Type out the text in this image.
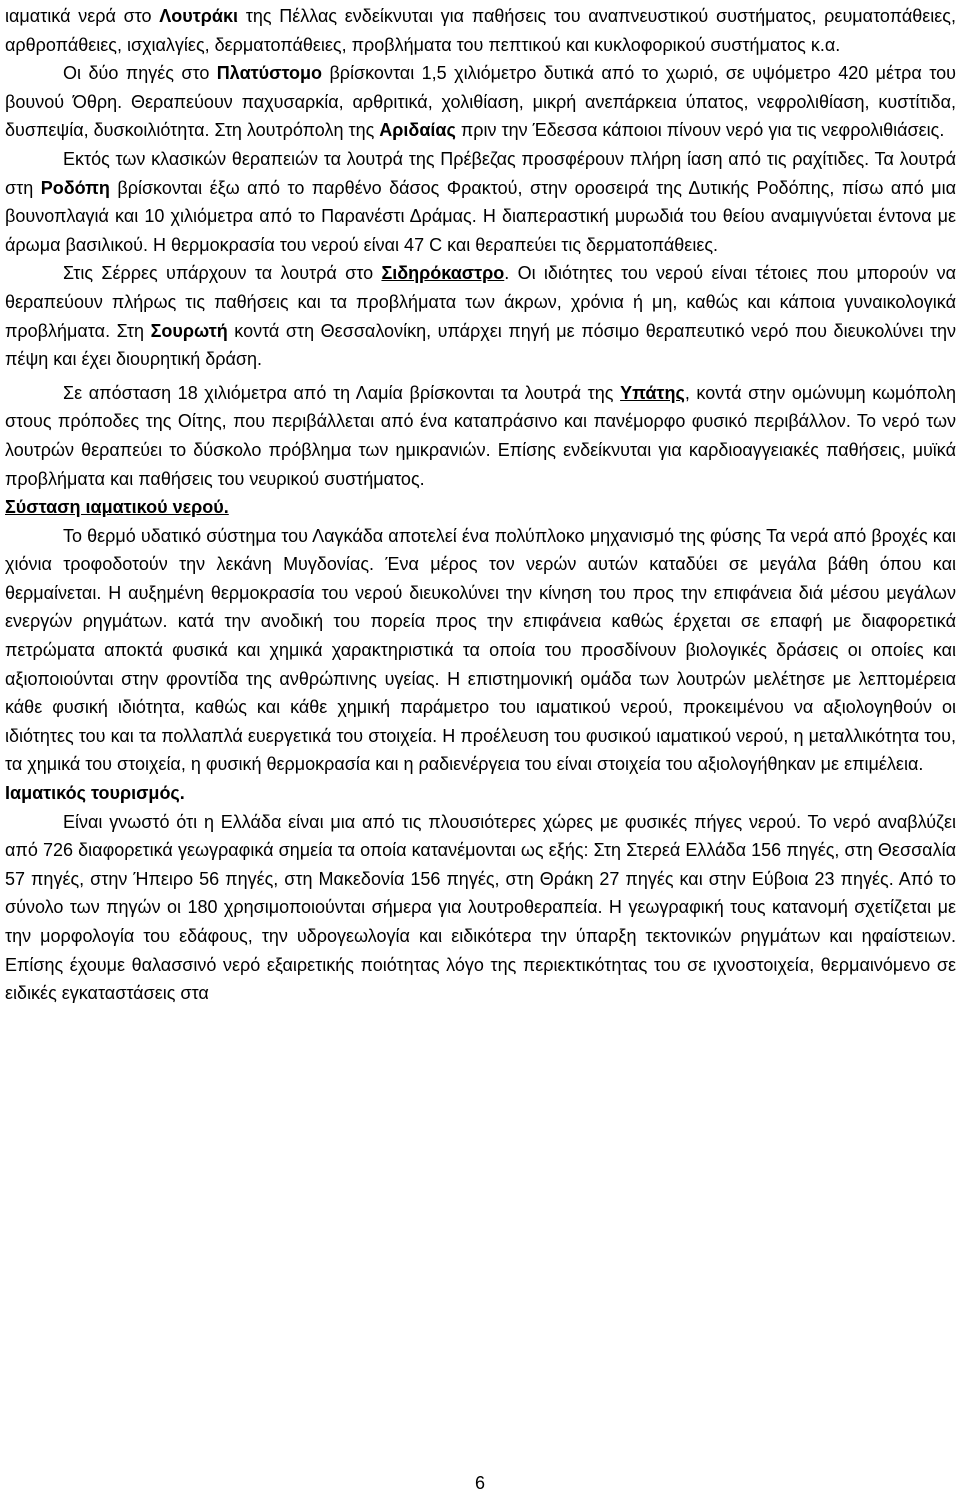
ιαματικά νερά στο Λουτράκι της Πέλλας ενδείκνυται για παθήσεις του αναπνευστικού συστήματος, ρευματοπάθειες, αρθροπάθειες, ισχιαλγίες, δερματοπάθειες, προβλήματα του πεπτικού και κυκλοφορικού συστήματος κ.α.

Οι δύο πηγές στο Πλατύστομο βρίσκονται 1,5 χιλιόμετρο δυτικά από το χωριό, σε υψόμετρο 420 μέτρα του βουνού Όθρη. Θεραπεύουν παχυσαρκία, αρθριτικά, χολιθίαση, μικρή ανεπάρκεια ύπατος, νεφρολιθίαση, κυστίτιδα, δυσπεψία, δυσκοιλιότητα. Στη λουτρόπολη της Αριδαίας πριν την Έδεσσα κάποιοι πίνουν νερό για τις νεφρολιθιάσεις.

Εκτός των κλασικών θεραπειών τα λουτρά της Πρέβεζας προσφέρουν πλήρη ίαση από τις ραχίτιδες. Τα λουτρά στη Ροδόπη βρίσκονται έξω από το παρθένο δάσος Φρακτού, στην οροσειρά της Δυτικής Ροδόπης, πίσω από μια βουνοπλαγιά και 10 χιλιόμετρα από το Παρανέστι Δράμας. Η διαπεραστική μυρωδιά του θείου αναμιγνύεται έντονα με άρωμα βασιλικού. Η θερμοκρασία του νερού είναι 47 C και θεραπεύει τις δερματοπάθειες.

Στις Σέρρες υπάρχουν τα λουτρά στο Σιδηρόκαστρο. Οι ιδιότητες του νερού είναι τέτοιες που μπορούν να θεραπεύουν πλήρως τις παθήσεις και τα προβλήματα των άκρων, χρόνια ή μη, καθώς και κάποια γυναικολογικά προβλήματα. Στη Σουρωτή κοντά στη Θεσσαλονίκη, υπάρχει πηγή με πόσιμο θεραπευτικό νερό που διευκολύνει την πέψη και έχει διουρητική δράση.

Σε απόσταση 18 χιλιόμετρα από τη Λαμία βρίσκονται τα λουτρά της Υπάτης, κοντά στην ομώνυμη κωμόπολη στους πρόποδες της Οίτης, που περιβάλλεται από ένα καταπράσινο και πανέμορφο φυσικό περιβάλλον. Το νερό των λουτρών θεραπεύει το δύσκολο πρόβλημα των ημικρανιών. Επίσης ενδείκνυται για καρδιοαγγειακές παθήσεις, μυϊκά προβλήματα και παθήσεις του νευρικού συστήματος.

Σύσταση ιαματικού νερού.

Το θερμό υδατικό σύστημα του Λαγκάδα αποτελεί ένα πολύπλοκο μηχανισμό της φύσης Τα νερά από βροχές και χιόνια τροφοδοτούν την λεκάνη Μυγδονίας. Ένα μέρος τον νερών αυτών καταδύει σε μεγάλα βάθη όπου και θερμαίνεται. Η αυξημένη θερμοκρασία του νερού διευκολύνει την κίνηση του προς την επιφάνεια διά μέσου μεγάλων ενεργών ρηγμάτων. κατά την ανοδική του πορεία προς την επιφάνεια καθώς έρχεται σε επαφή με διαφορετικά πετρώματα αποκτά φυσικά και χημικά χαρακτηριστικά τα οποία του προσδίνουν βιολογικές δράσεις οι οποίες και αξιοποιούνται στην φροντίδα της ανθρώπινης υγείας. Η επιστημονική ομάδα των λουτρών μελέτησε με λεπτομέρεια κάθε φυσική ιδιότητα, καθώς και κάθε χημική παράμετρο του ιαματικού νερού, προκειμένου να αξιολογηθούν οι ιδιότητες του και τα πολλαπλά ευεργετικά του στοιχεία. Η προέλευση του φυσικού ιαματικού νερού, η μεταλλικότητα του, τα χημικά του στοιχεία, η φυσική θερμοκρασία και η ραδιενέργεια του είναι στοιχεία του αξιολογήθηκαν με επιμέλεια.

Ιαματικός τουρισμός.

Είναι γνωστό ότι η Ελλάδα είναι μια από τις πλουσιότερες χώρες με φυσικές πήγες νερού. Το νερό αναβλύζει από 726 διαφορετικά γεωγραφικά σημεία τα οποία κατανέμονται ως εξής: Στη Στερεά Ελλάδα 156 πηγές, στη Θεσσαλία 57 πηγές, στην Ήπειρο 56 πηγές, στη Μακεδονία 156 πηγές, στη Θράκη 27 πηγές και στην Εύβοια 23 πηγές. Από το σύνολο των πηγών οι 180 χρησιμοποιούνται σήμερα για λουτροθεραπεία. Η γεωγραφική τους κατανομή σχετίζεται με την μορφολογία του εδάφους, την υδρογεωλογία και ειδικότερα την ύπαρξη τεκτονικών ρηγμάτων και ηφαίστειων. Επίσης έχουμε θαλασσινό νερό εξαιρετικής ποιότητας λόγο της περιεκτικότητας του σε ιχνοστοιχεία, θερμαινόμενο σε ειδικές εγκαταστάσεις στα

6
